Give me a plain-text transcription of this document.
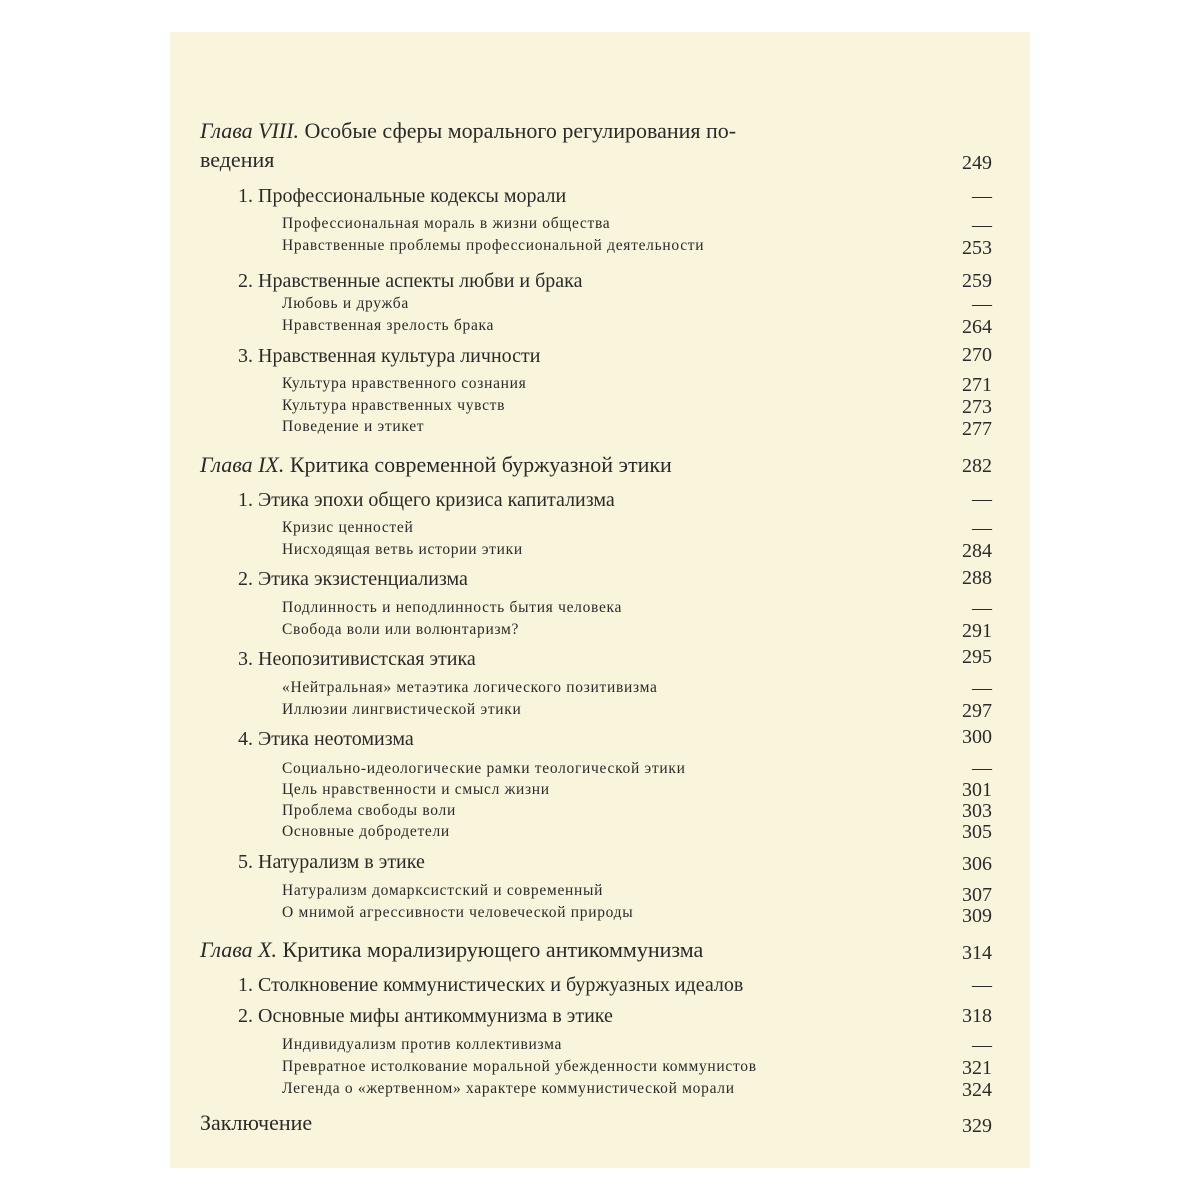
Глава VIII. Особые сферы морального регулирования по-
ведения	249
1. Профессиональные кодексы морали	—
Профессиональная мораль в жизни общества	—
Нравственные проблемы профессиональной деятельности	253
2. Нравственные аспекты любви и брака	259
Любовь и дружба	—
Нравственная зрелость брака	264
3. Нравственная культура личности	270
Культура нравственного сознания	271
Культура нравственных чувств	273
Поведение и этикет	277
Глава IX. Критика современной буржуазной этики	282
1. Этика эпохи общего кризиса капитализма	—
Кризис ценностей	—
Нисходящая ветвь истории этики	284
2. Этика экзистенциализма	288
Подлинность и неподлинность бытия человека	—
Свобода воли или волюнтаризм?	291
3. Неопозитивистская этика	295
«Нейтральная» метаэтика логического позитивизма	—
Иллюзии лингвистической этики	297
4. Этика неотомизма	300
Социально-идеологические рамки теологической этики	—
Цель нравственности и смысл жизни	301
Проблема свободы воли	303
Основные добродетели	305
5. Натурализм в этике	306
Натурализм домарксистский и современный	307
О мнимой агрессивности человеческой природы	309
Глава X. Критика морализирующего антикоммунизма	314
1. Столкновение коммунистических и буржуазных идеалов	—
2. Основные мифы антикоммунизма в этике	318
Индивидуализм против коллективизма	—
Превратное истолкование моральной убежденности коммунистов	321
Легенда о «жертвенном» характере коммунистической морали	324
Заключение	329
